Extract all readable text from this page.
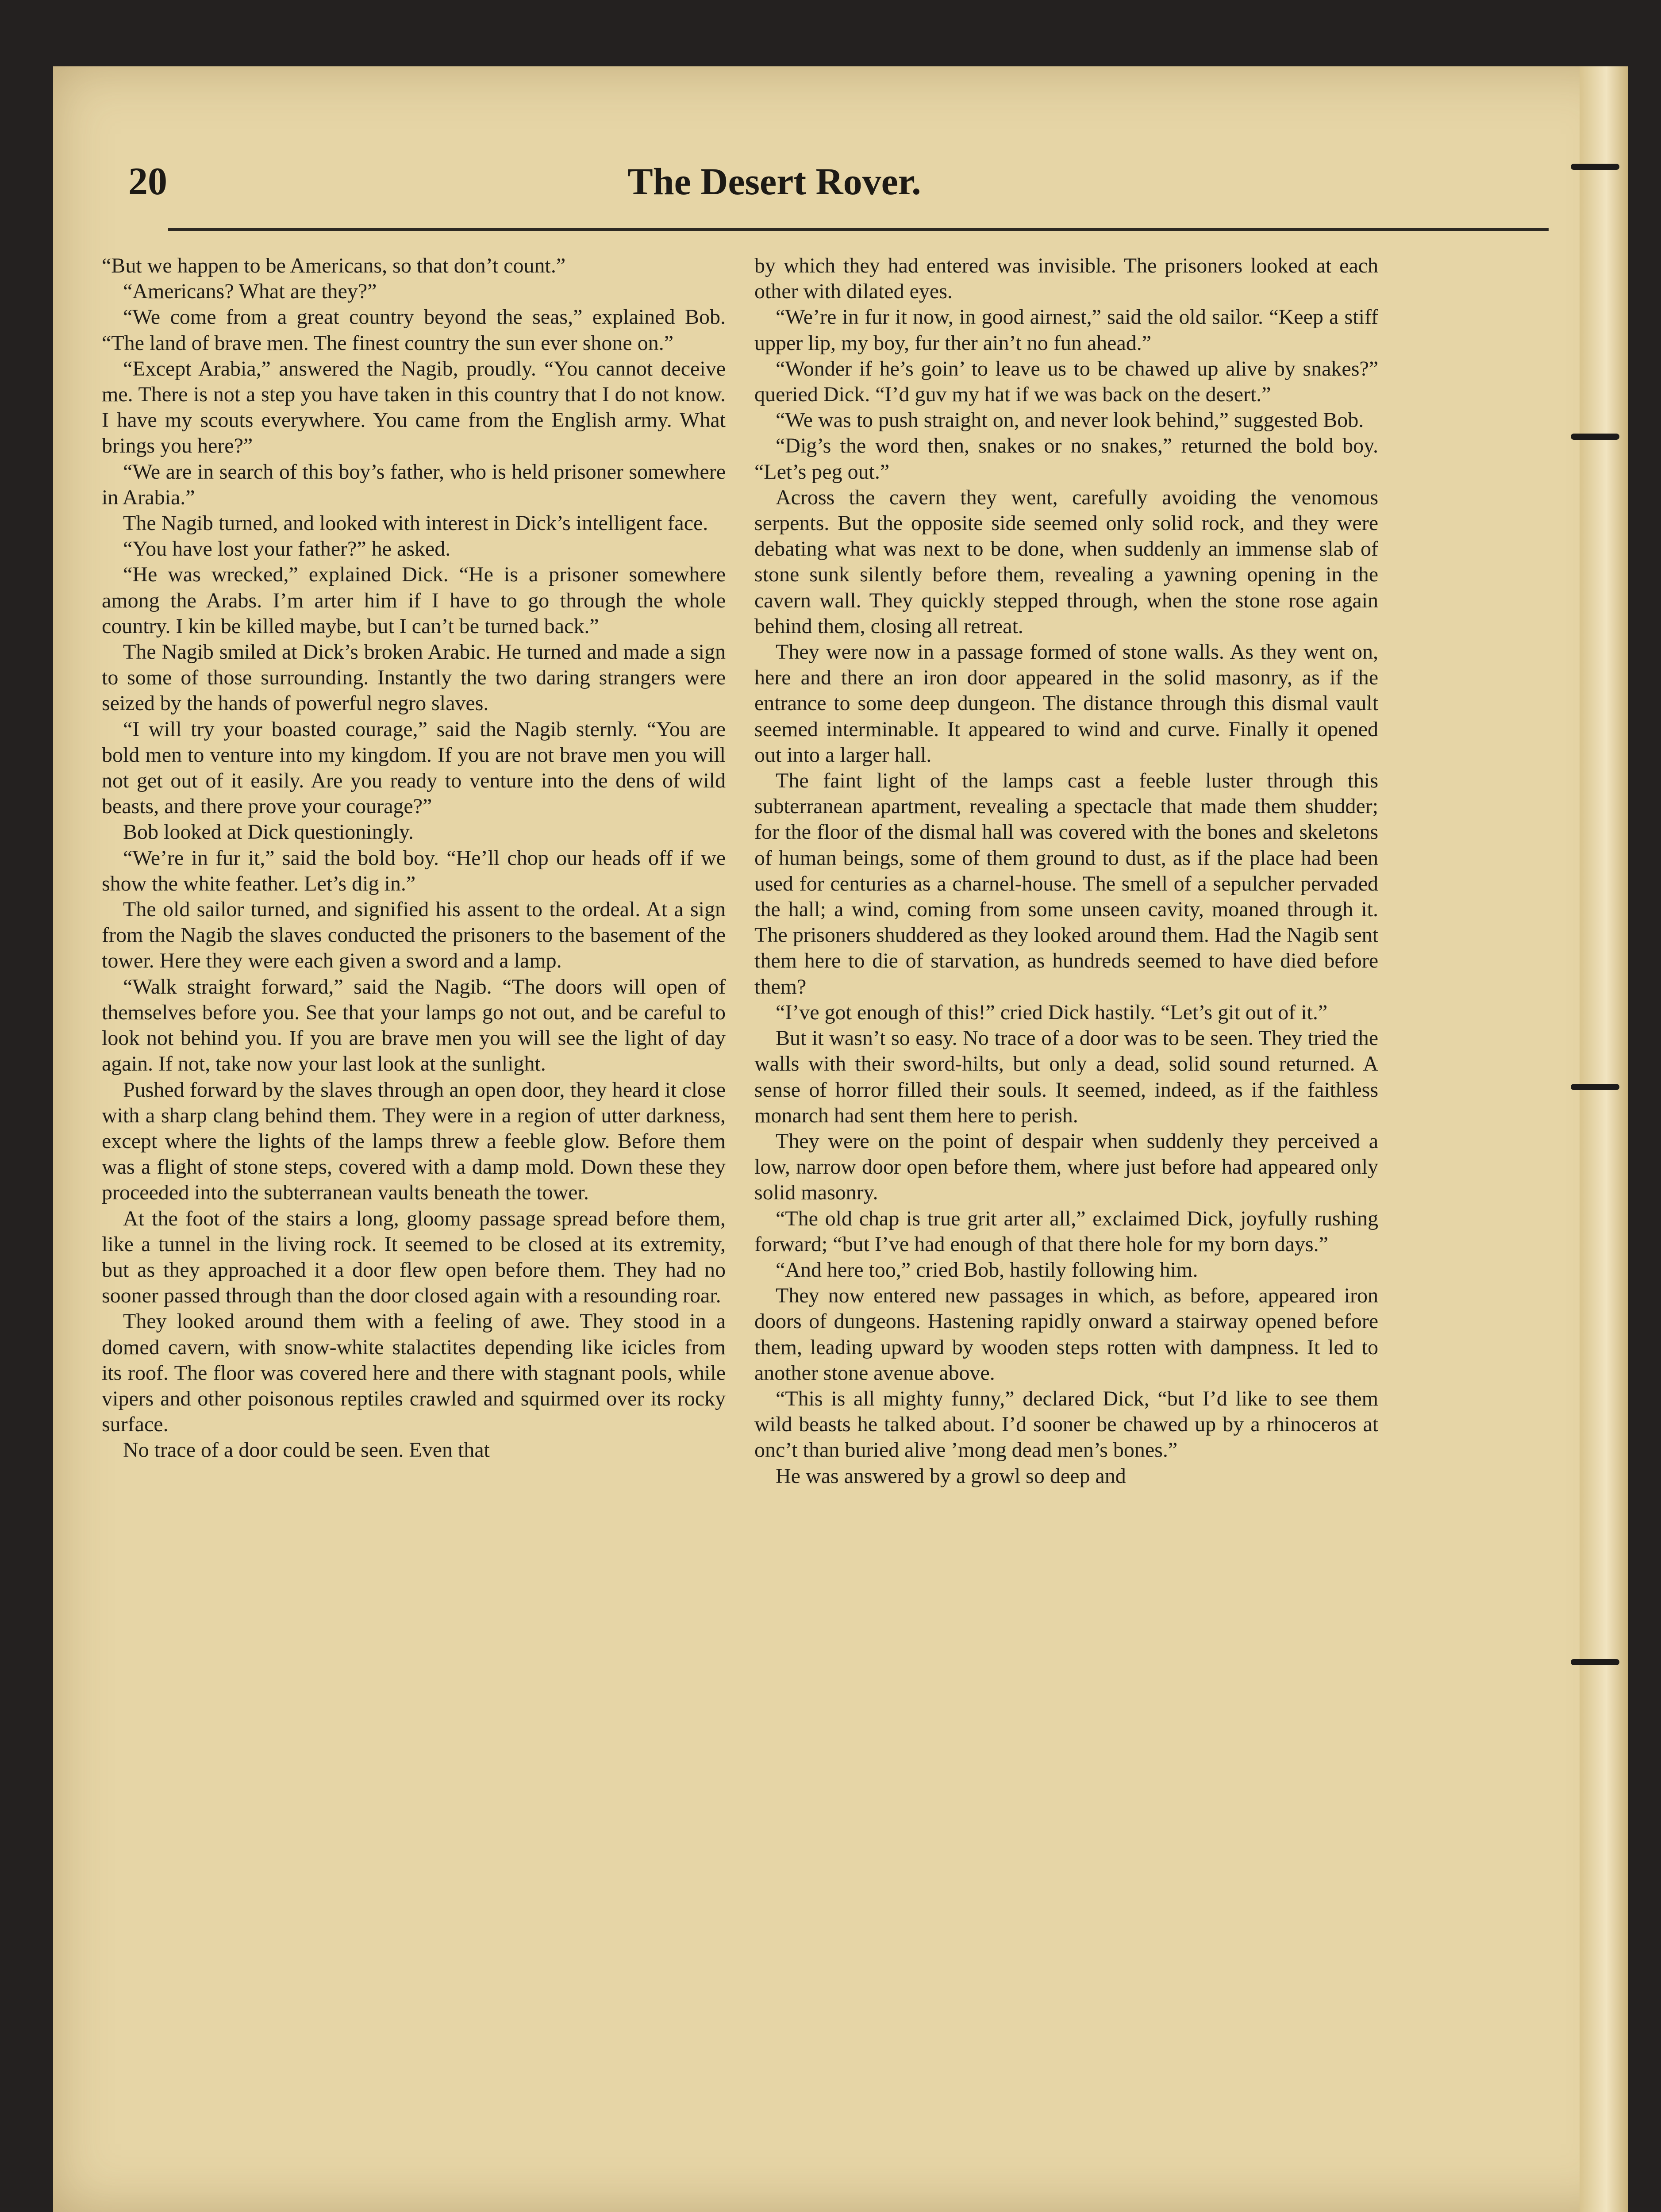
20	The Desert Rover.

“But we happen to be Americans, so that don’t count.”

“Americans? What are they?”

“We come from a great country beyond the seas,” explained Bob. “The land of brave men. The finest country the sun ever shone on.”

“Except Arabia,” answered the Nagib, proudly. “You cannot deceive me. There is not a step you have taken in this country that I do not know. I have my scouts everywhere. You came from the English army. What brings you here?”

“We are in search of this boy’s father, who is held prisoner somewhere in Arabia.”

The Nagib turned, and looked with interest in Dick’s intelligent face.

“You have lost your father?” he asked.

“He was wrecked,” explained Dick. “He is a prisoner somewhere among the Arabs. I’m arter him if I have to go through the whole country. I kin be killed maybe, but I can’t be turned back.”

The Nagib smiled at Dick’s broken Arabic. He turned and made a sign to some of those surrounding. Instantly the two daring strangers were seized by the hands of powerful negro slaves.

“I will try your boasted courage,” said the Nagib sternly. “You are bold men to venture into my kingdom. If you are not brave men you will not get out of it easily. Are you ready to venture into the dens of wild beasts, and there prove your courage?”

Bob looked at Dick questioningly.

“We’re in fur it,” said the bold boy. “He’ll chop our heads off if we show the white feather. Let’s dig in.”

The old sailor turned, and signified his assent to the ordeal. At a sign from the Nagib the slaves conducted the prisoners to the basement of the tower. Here they were each given a sword and a lamp.

“Walk straight forward,” said the Nagib. “The doors will open of themselves before you. See that your lamps go not out, and be careful to look not behind you. If you are brave men you will see the light of day again. If not, take now your last look at the sunlight.

Pushed forward by the slaves through an open door, they heard it close with a sharp clang behind them. They were in a region of utter darkness, except where the lights of the lamps threw a feeble glow. Before them was a flight of stone steps, covered with a damp mold. Down these they proceeded into the subterranean vaults beneath the tower.

At the foot of the stairs a long, gloomy passage spread before them, like a tunnel in the living rock. It seemed to be closed at its extremity, but as they approached it a door flew open before them. They had no sooner passed through than the door closed again with a resounding roar.

They looked around them with a feeling of awe. They stood in a domed cavern, with snow-white stalactites depending like icicles from its roof. The floor was covered here and there with stagnant pools, while vipers and other poisonous reptiles crawled and squirmed over its rocky surface.

No trace of a door could be seen. Even that

by which they had entered was invisible. The prisoners looked at each other with dilated eyes.

“We’re in fur it now, in good airnest,” said the old sailor. “Keep a stiff upper lip, my boy, fur ther ain’t no fun ahead.”

“Wonder if he’s goin’ to leave us to be chawed up alive by snakes?” queried Dick. “I’d guv my hat if we was back on the desert.”

“We was to push straight on, and never look behind,” suggested Bob.

“Dig’s the word then, snakes or no snakes,” returned the bold boy. “Let’s peg out.”

Across the cavern they went, carefully avoiding the venomous serpents. But the opposite side seemed only solid rock, and they were debating what was next to be done, when suddenly an immense slab of stone sunk silently before them, revealing a yawning opening in the cavern wall. They quickly stepped through, when the stone rose again behind them, closing all retreat.

They were now in a passage formed of stone walls. As they went on, here and there an iron door appeared in the solid masonry, as if the entrance to some deep dungeon. The distance through this dismal vault seemed interminable. It appeared to wind and curve. Finally it opened out into a larger hall.

The faint light of the lamps cast a feeble luster through this subterranean apartment, revealing a spectacle that made them shudder; for the floor of the dismal hall was covered with the bones and skeletons of human beings, some of them ground to dust, as if the place had been used for centuries as a charnel-house. The smell of a sepulcher pervaded the hall; a wind, coming from some unseen cavity, moaned through it. The prisoners shuddered as they looked around them. Had the Nagib sent them here to die of starvation, as hundreds seemed to have died before them?

“I’ve got enough of this!” cried Dick hastily. “Let’s git out of it.”

But it wasn’t so easy. No trace of a door was to be seen. They tried the walls with their sword-hilts, but only a dead, solid sound returned. A sense of horror filled their souls. It seemed, indeed, as if the faithless monarch had sent them here to perish.

They were on the point of despair when suddenly they perceived a low, narrow door open before them, where just before had appeared only solid masonry.

“The old chap is true grit arter all,” exclaimed Dick, joyfully rushing forward; “but I’ve had enough of that there hole for my born days.”

“And here too,” cried Bob, hastily following him.

They now entered new passages in which, as before, appeared iron doors of dungeons. Hastening rapidly onward a stairway opened before them, leading upward by wooden steps rotten with dampness. It led to another stone avenue above.

“This is all mighty funny,” declared Dick, “but I’d like to see them wild beasts he talked about. I’d sooner be chawed up by a rhinoceros at onc’t than buried alive ’mong dead men’s bones.”

He was answered by a growl so deep and
